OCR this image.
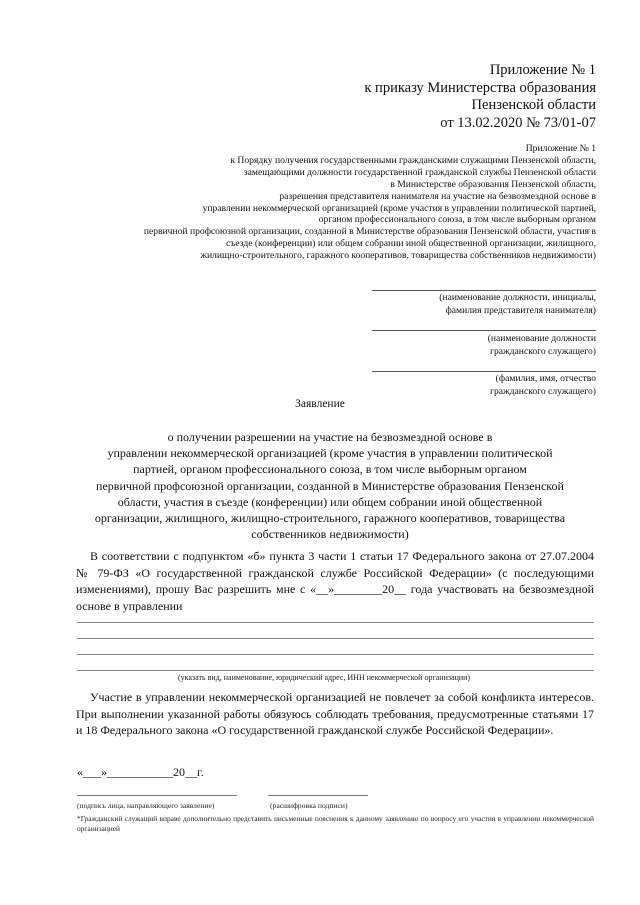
Приложение № 1
к приказу Министерства образования
Пензенской области
от 13.02.2020 № 73/01-07
Приложение № 1
к Порядку получения государственными гражданскими служащими Пензенской области,
замещающими должности государственной гражданской службы Пензенской области
в Министерстве образования Пензенской области,
разрешения представителя нанимателя на участие на безвозмездной основе в
управлении некоммерческой организацией (кроме участия в управлении политической партией,
органом профессионального союза, в том числе выборным органом
первичной профсоюзной организации, созданной в Министерстве образования Пензенской области, участия в
съезде (конференции) или общем собрании иной общественной организации, жилищного,
жилищно-строительного, гаражного кооперативов, товарищества собственников недвижимости)
(наименование должности, инициалы,
фамилия представителя нанимателя)
(наименование должности
гражданского служащего)
(фамилия, имя, отчество
гражданского служащего)
Заявление
о получении разрешении на участие на безвозмездной основе в
управлении некоммерческой организацией (кроме участия в управлении политической
партией, органом профессионального союза, в том числе выборным органом
первичной профсоюзной организации, созданной в Министерстве образования Пензенской
области, участия в съезде (конференции) или общем собрании иной общественной
организации, жилищного, жилищно-строительного, гаражного кооперативов, товарищества
собственников недвижимости)

В соответствии с подпунктом «б» пункта 3 части 1 статьи 17 Федерального закона от 27.07.2004 № 79-ФЗ «О государственной гражданской службе Российской Федерации» (с последующими изменениями), прошу Вас разрешить мне с «__»________20__ года участвовать на безвозмездной основе в управлении

(указать вид, наименование, юридический адрес, ИНН некоммерческой организации)

Участие в управлении некоммерческой организацией не повлечет за собой конфликта интересов. При выполнении указанной работы обязуюсь соблюдать требования, предусмотренные статьями 17 и 18 Федерального закона «О государственной гражданской службе Российской Федерации».

«___»___________20__г.
(подпись лица, направляющего заявление)	(расшифровка подписи)
*Гражданский служащий вправе дополнительно представить письменные пояснения к данному заявлению по вопросу его участия в управлении некоммерческой организацией
